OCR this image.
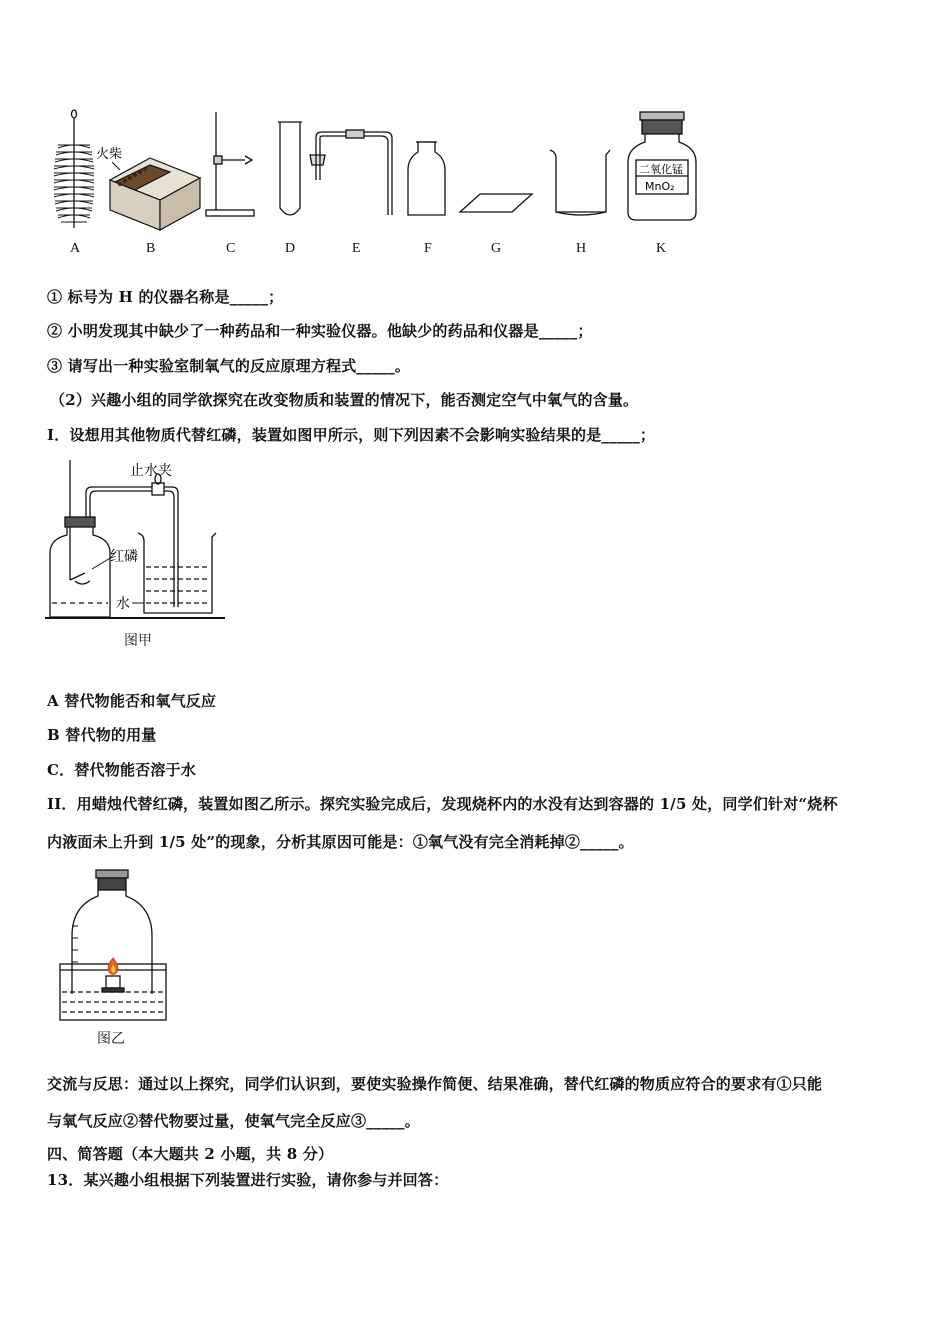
火柴
二氧化锰
MnO₂
A	B	C	D	E	F	G	H	K
① 标号为 H 的仪器名称是_____；
② 小明发现其中缺少了一种药品和一种实验仪器。他缺少的药品和仪器是_____；
③ 请写出一种实验室制氧气的反应原理方程式_____。
（2）兴趣小组的同学欲探究在改变物质和装置的情况下，能否测定空气中氧气的含量。
I．设想用其他物质代替红磷，装置如图甲所示，则下列因素不会影响实验结果的是_____；
止水夹
红磷
水
图甲
A 替代物能否和氧气反应
B 替代物的用量
C．替代物能否溶于水
II．用蜡烛代替红磷，装置如图乙所示。探究实验完成后，发现烧杯内的水没有达到容器的 1/5 处，同学们针对“烧杯
内液面未上升到 1/5 处”的现象，分析其原因可能是：①氧气没有完全消耗掉②_____。
图乙
交流与反思：通过以上探究，同学们认识到，要使实验操作简便、结果准确，替代红磷的物质应符合的要求有①只能
与氧气反应②替代物要过量，使氧气完全反应③_____。
四、简答题（本大题共 2 小题，共 8 分）
13．某兴趣小组根据下列装置进行实验，请你参与并回答：
